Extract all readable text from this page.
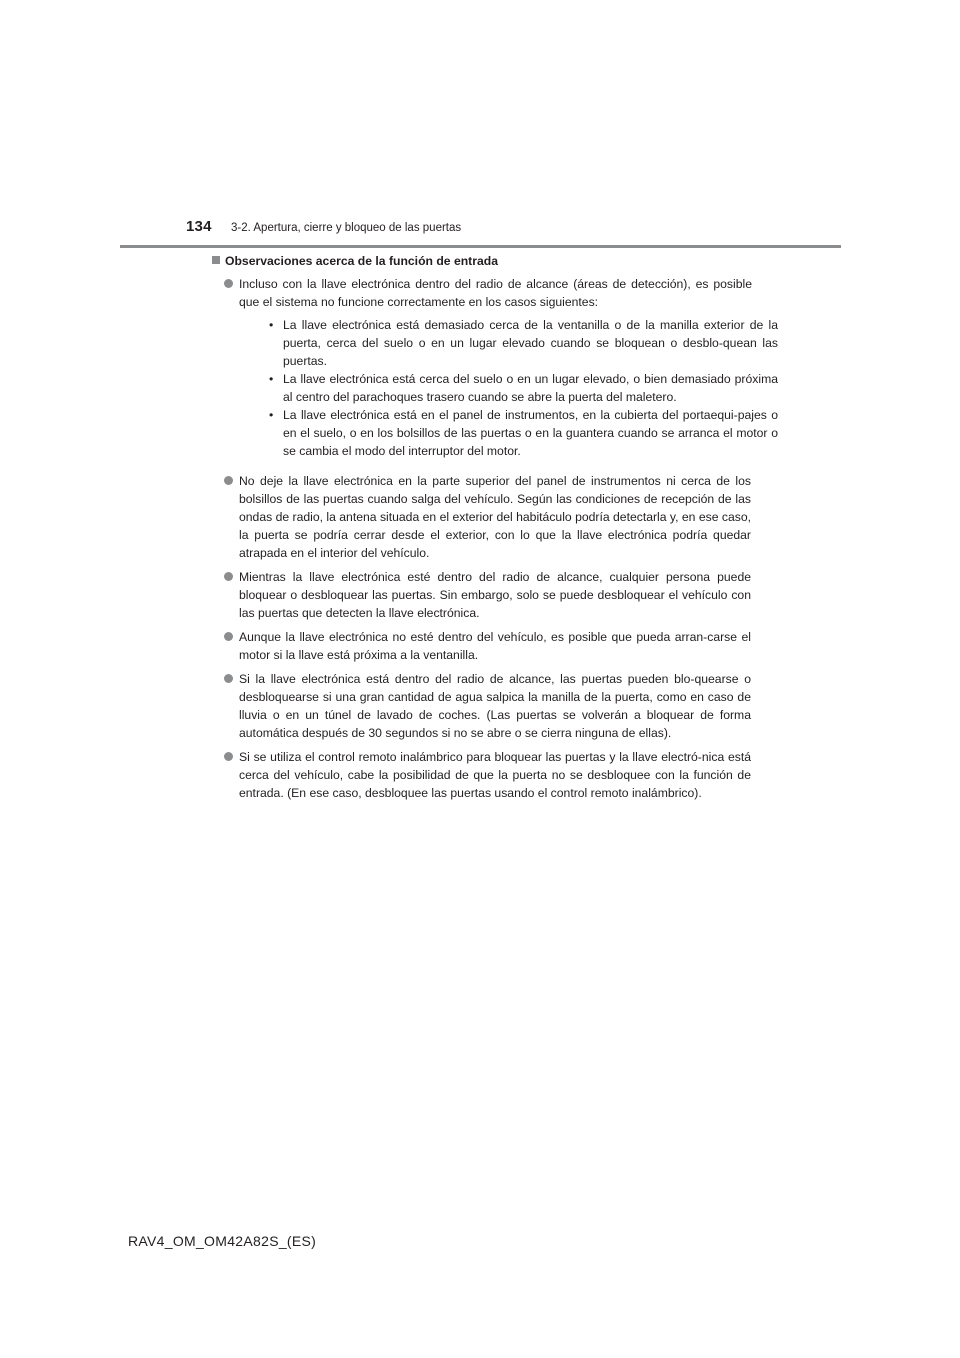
134 3-2. Apertura, cierre y bloqueo de las puertas
Observaciones acerca de la función de entrada
Incluso con la llave electrónica dentro del radio de alcance (áreas de detección), es posible que el sistema no funcione correctamente en los casos siguientes:
• La llave electrónica está demasiado cerca de la ventanilla o de la manilla exterior de la puerta, cerca del suelo o en un lugar elevado cuando se bloquean o desblo-quean las puertas.
• La llave electrónica está cerca del suelo o en un lugar elevado, o bien demasiado próxima al centro del parachoques trasero cuando se abre la puerta del maletero.
• La llave electrónica está en el panel de instrumentos, en la cubierta del portaequi-pajes o en el suelo, o en los bolsillos de las puertas o en la guantera cuando se arranca el motor o se cambia el modo del interruptor del motor.
No deje la llave electrónica en la parte superior del panel de instrumentos ni cerca de los bolsillos de las puertas cuando salga del vehículo. Según las condiciones de recepción de las ondas de radio, la antena situada en el exterior del habitáculo podría detectarla y, en ese caso, la puerta se podría cerrar desde el exterior, con lo que la llave electrónica podría quedar atrapada en el interior del vehículo.
Mientras la llave electrónica esté dentro del radio de alcance, cualquier persona puede bloquear o desbloquear las puertas. Sin embargo, solo se puede desbloquear el vehículo con las puertas que detecten la llave electrónica.
Aunque la llave electrónica no esté dentro del vehículo, es posible que pueda arran-carse el motor si la llave está próxima a la ventanilla.
Si la llave electrónica está dentro del radio de alcance, las puertas pueden blo-quearse o desbloquearse si una gran cantidad de agua salpica la manilla de la puerta, como en caso de lluvia o en un túnel de lavado de coches. (Las puertas se volverán a bloquear de forma automática después de 30 segundos si no se abre o se cierra ninguna de ellas).
Si se utiliza el control remoto inalámbrico para bloquear las puertas y la llave electró-nica está cerca del vehículo, cabe la posibilidad de que la puerta no se desbloquee con la función de entrada. (En ese caso, desbloquee las puertas usando el control remoto inalámbrico).
RAV4_OM_OM42A82S_(ES)
